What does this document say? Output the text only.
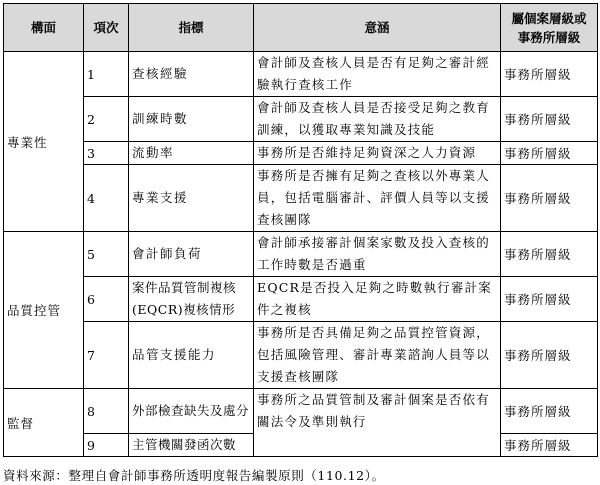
構面	項次	指標	意涵	屬個案層級或
事務所層級
專業性	1	查核經驗	會計師及查核人員是否有足夠之審計經驗執行查核工作	事務所層級
	2	訓練時數	會計師及查核人員是否接受足夠之教育訓練，以獲取專業知識及技能	事務所層級
	3	流動率	事務所是否維持足夠資深之人力資源	事務所層級
	4	專業支援	事務所是否擁有足夠之查核以外專業人員，包括電腦審計、評價人員等以支援查核團隊	事務所層級
品質控管	5	會計師負荷	會計師承接審計個案家數及投入查核的工作時數是否過重	事務所層級
	6	案件品質管制複核(EQCR)複核情形	EQCR是否投入足夠之時數執行審計案件之複核	事務所層級
	7	品管支援能力	事務所是否具備足夠之品質控管資源，包括風險管理、審計專業諮詢人員等以支援查核團隊	事務所層級
監督	8	外部檢查缺失及處分	事務所之品質管制及審計個案是否依有關法令及準則執行	事務所層級
	9	主管機關發函次數		事務所層級
資料來源：整理自會計師事務所透明度報告編製原則（110.12）。
